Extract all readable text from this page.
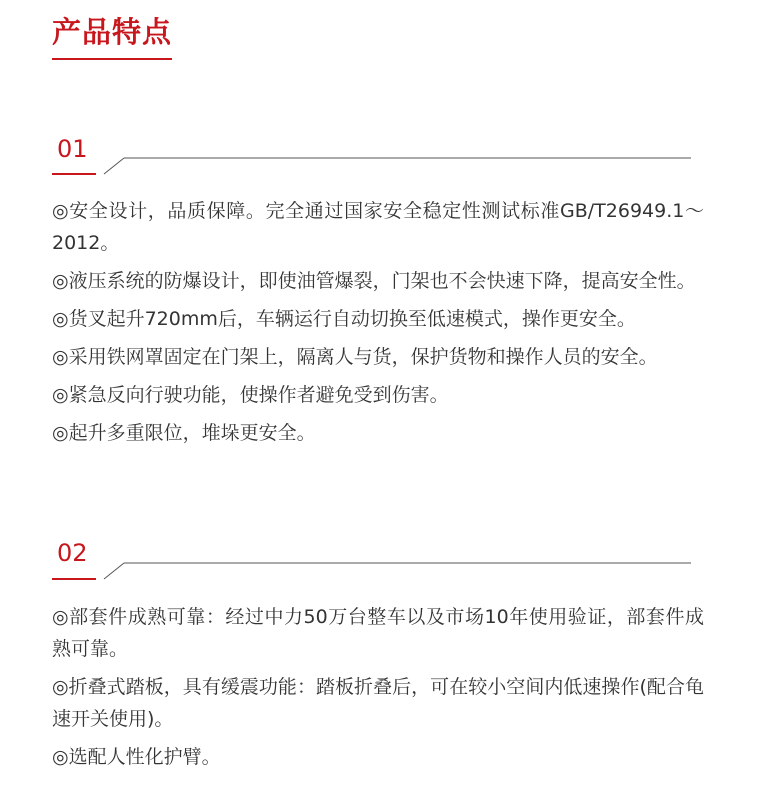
产品特点
01

◎安全设计，品质保障。完全通过国家安全稳定性测试标准GB/T26949.1～2012。

◎液压系统的防爆设计，即使油管爆裂，门架也不会快速下降，提高安全性。

◎货叉起升720mm后，车辆运行自动切换至低速模式，操作更安全。

◎采用铁网罩固定在门架上，隔离人与货，保护货物和操作人员的安全。

◎紧急反向行驶功能，使操作者避免受到伤害。

◎起升多重限位，堆垛更安全。

02

◎部套件成熟可靠：经过中力50万台整车以及市场10年使用验证，部套件成熟可靠。

◎折叠式踏板，具有缓震功能：踏板折叠后，可在较小空间内低速操作(配合龟速开关使用)。

◎选配人性化护臂。
